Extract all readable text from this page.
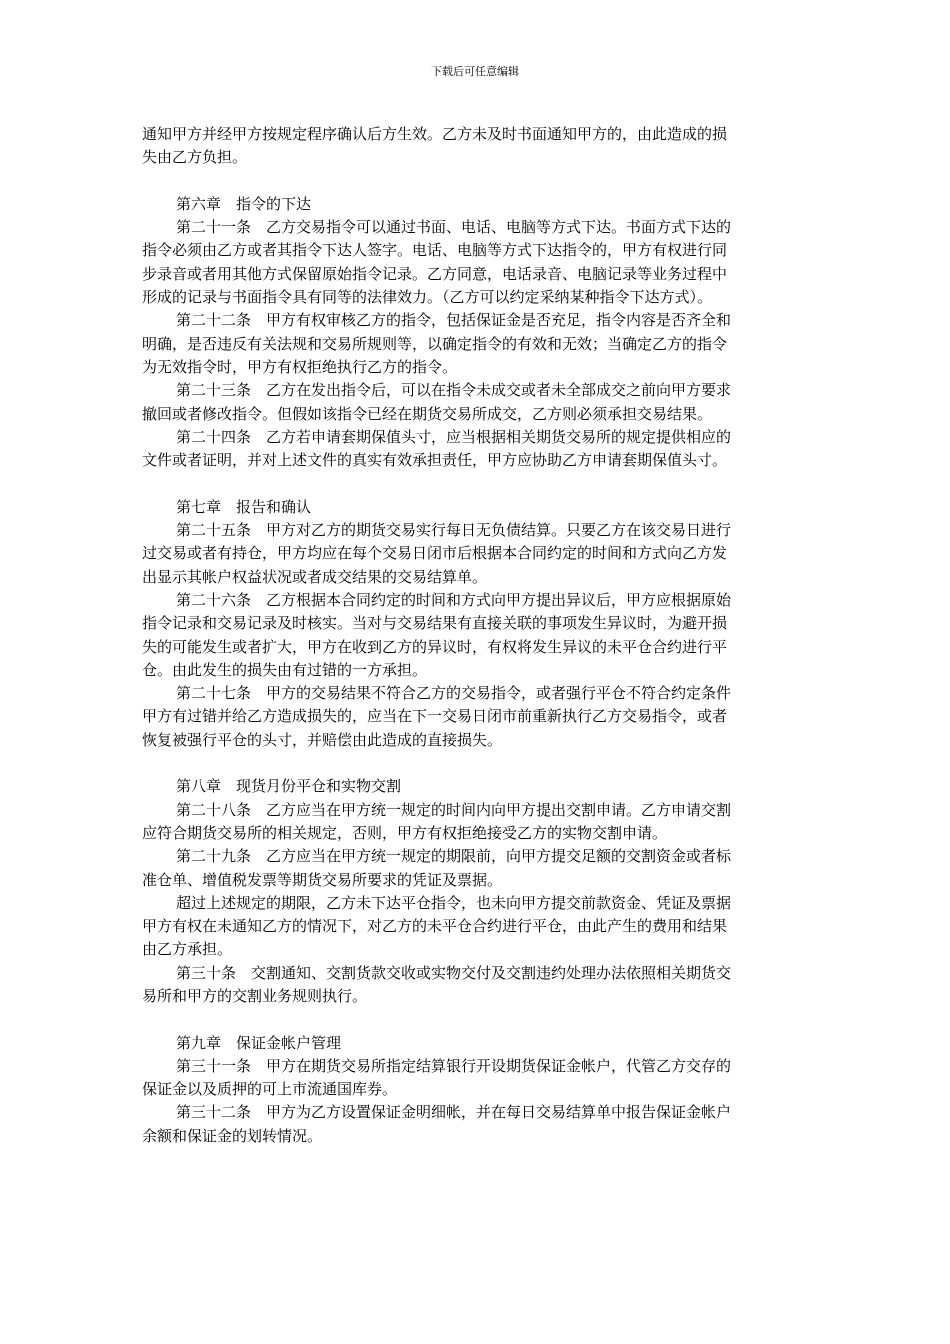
下载后可任意编辑
通知甲方并经甲方按规定程序确认后方生效。乙方未及时书面通知甲方的，由此造成的损
失由乙方负担。
第六章　指令的下达
第二十一条　乙方交易指令可以通过书面、电话、电脑等方式下达。书面方式下达的
指令必须由乙方或者其指令下达人签字。电话、电脑等方式下达指令的，甲方有权进行同
步录音或者用其他方式保留原始指令记录。乙方同意，电话录音、电脑记录等业务过程中
形成的记录与书面指令具有同等的法律效力。（乙方可以约定采纳某种指令下达方式）。
第二十二条　甲方有权审核乙方的指令，包括保证金是否充足，指令内容是否齐全和
明确，是否违反有关法规和交易所规则等，以确定指令的有效和无效；当确定乙方的指令
为无效指令时，甲方有权拒绝执行乙方的指令。
第二十三条　乙方在发出指令后，可以在指令未成交或者未全部成交之前向甲方要求
撤回或者修改指令。但假如该指令已经在期货交易所成交，乙方则必须承担交易结果。
第二十四条　乙方若申请套期保值头寸，应当根据相关期货交易所的规定提供相应的
文件或者证明，并对上述文件的真实有效承担责任，甲方应协助乙方申请套期保值头寸。
第七章　报告和确认
第二十五条　甲方对乙方的期货交易实行每日无负债结算。只要乙方在该交易日进行
过交易或者有持仓，甲方均应在每个交易日闭市后根据本合同约定的时间和方式向乙方发
出显示其帐户权益状况或者成交结果的交易结算单。
第二十六条　乙方根据本合同约定的时间和方式向甲方提出异议后，甲方应根据原始
指令记录和交易记录及时核实。当对与交易结果有直接关联的事项发生异议时，为避开损
失的可能发生或者扩大，甲方在收到乙方的异议时，有权将发生异议的未平仓合约进行平
仓。由此发生的损失由有过错的一方承担。
第二十七条　甲方的交易结果不符合乙方的交易指令，或者强行平仓不符合约定条件
甲方有过错并给乙方造成损失的，应当在下一交易日闭市前重新执行乙方交易指令，或者
恢复被强行平仓的头寸，并赔偿由此造成的直接损失。
第八章　现货月份平仓和实物交割
第二十八条　乙方应当在甲方统一规定的时间内向甲方提出交割申请。乙方申请交割
应符合期货交易所的相关规定，否则，甲方有权拒绝接受乙方的实物交割申请。
第二十九条　乙方应当在甲方统一规定的期限前，向甲方提交足额的交割资金或者标
准仓单、增值税发票等期货交易所要求的凭证及票据。
超过上述规定的期限，乙方未下达平仓指令，也未向甲方提交前款资金、凭证及票据
甲方有权在未通知乙方的情况下，对乙方的未平仓合约进行平仓，由此产生的费用和结果
由乙方承担。
第三十条　交割通知、交割货款交收或实物交付及交割违约处理办法依照相关期货交
易所和甲方的交割业务规则执行。
第九章　保证金帐户管理
第三十一条　甲方在期货交易所指定结算银行开设期货保证金帐户，代管乙方交存的
保证金以及质押的可上市流通国库券。
第三十二条　甲方为乙方设置保证金明细帐，并在每日交易结算单中报告保证金帐户
余额和保证金的划转情况。
